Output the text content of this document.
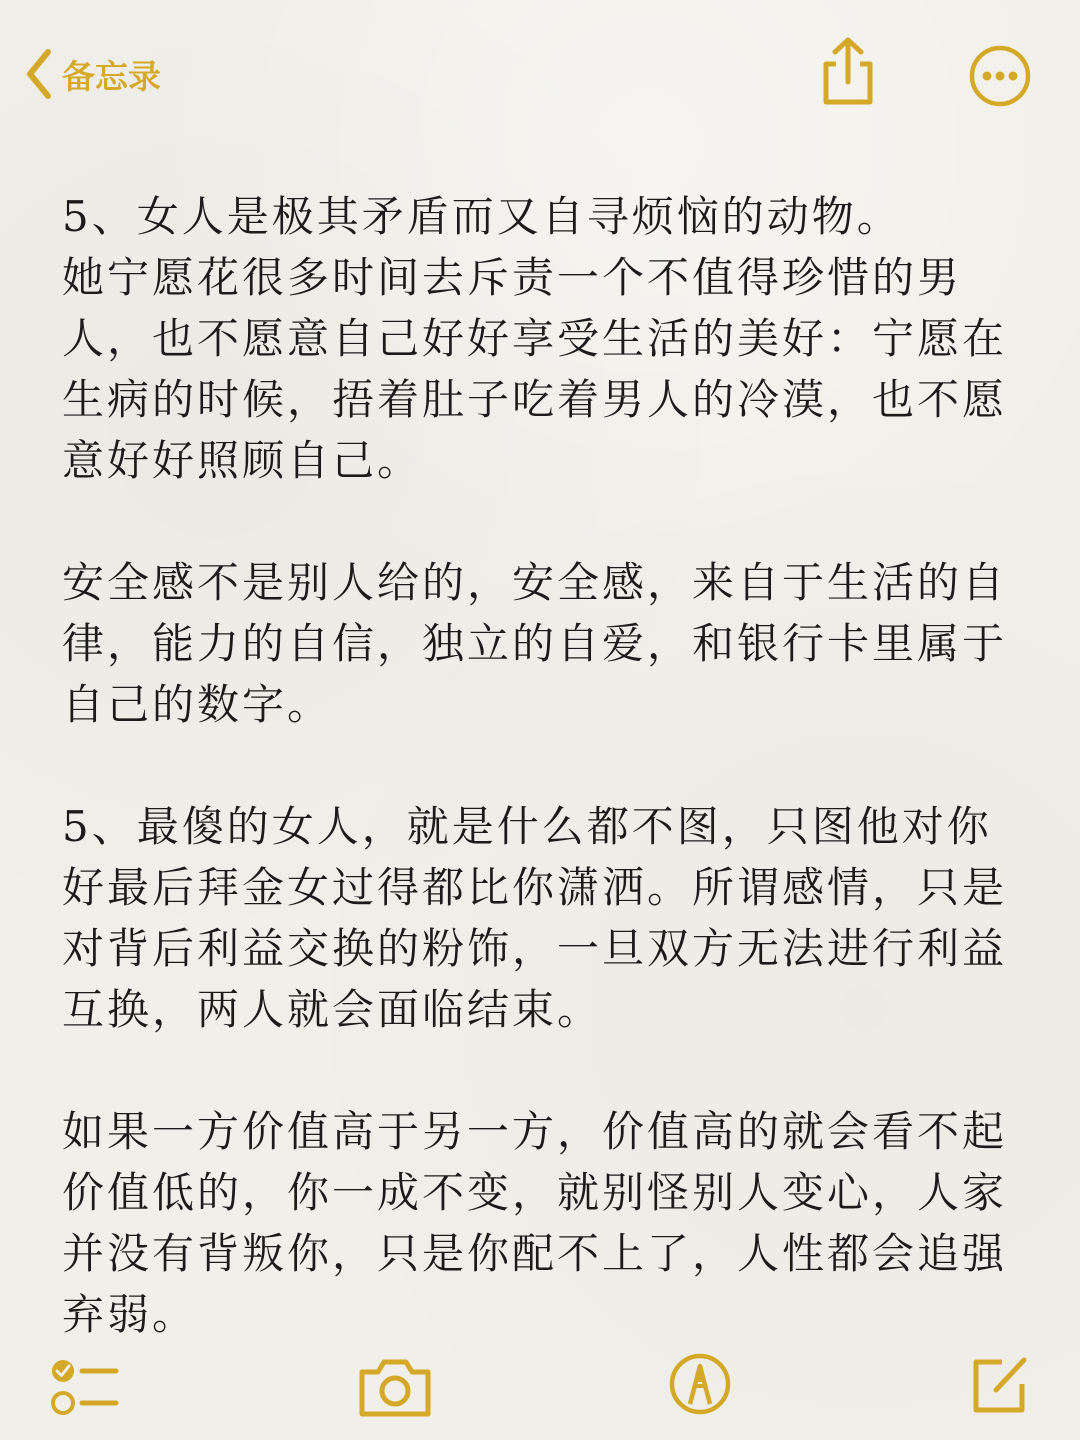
备忘录

5、女人是极其矛盾而又自寻烦恼的动物。
她宁愿花很多时间去斥责一个不值得珍惜的男人，也不愿意自己好好享受生活的美好：宁愿在生病的时候，捂着肚子吃着男人的冷漠，也不愿意好好照顾自己。

安全感不是别人给的，安全感，来自于生活的自律，能力的自信，独立的自爱，和银行卡里属于自己的数字。

5、最傻的女人，就是什么都不图，只图他对你好最后拜金女过得都比你潇洒。所谓感情，只是对背后利益交换的粉饰，一旦双方无法进行利益互换，两人就会面临结束。

如果一方价值高于另一方，价值高的就会看不起价值低的，你一成不变，就别怪别人变心，人家并没有背叛你，只是你配不上了，人性都会追强弃弱。
